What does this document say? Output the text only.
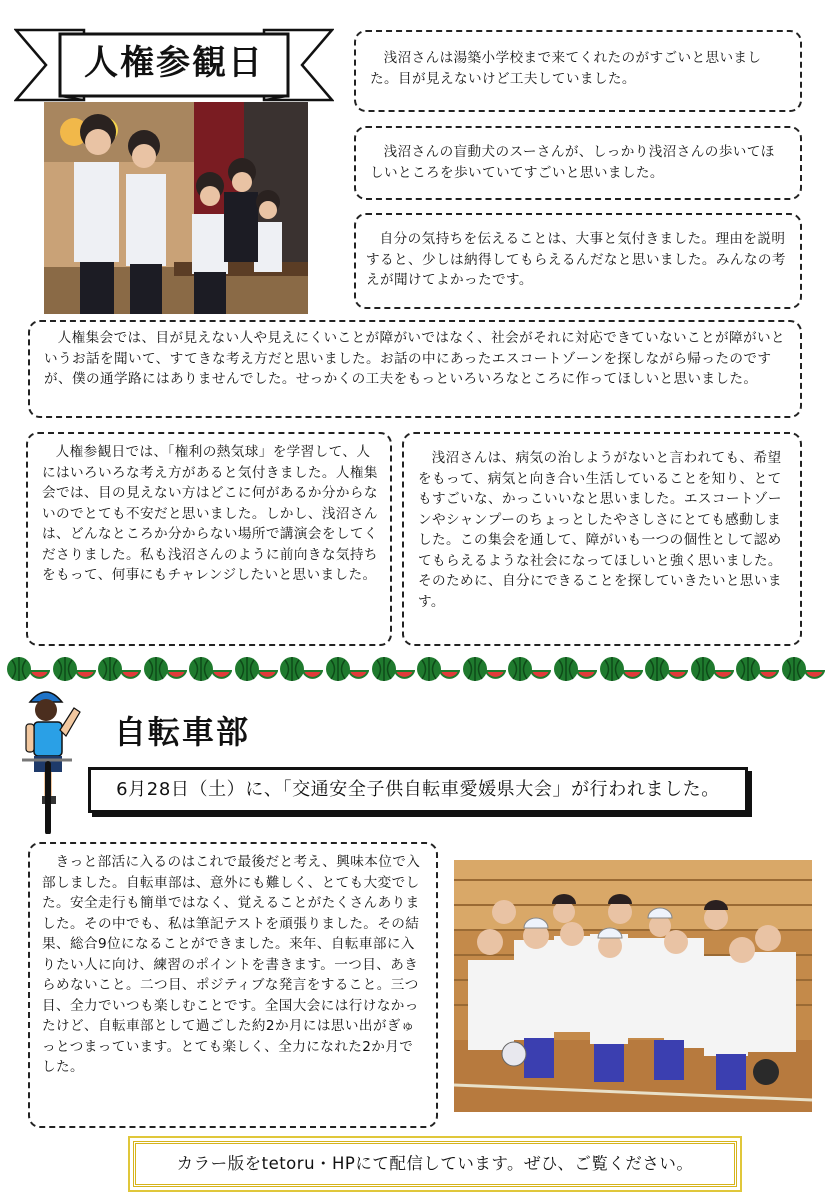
人権参観日	浅沼さんは湯築小学校まで来てくれたのがすごいと思いました。目が見えないけど工夫していました。

浅沼さんの盲動犬のスーさんが、しっかり浅沼さんの歩いてほしいところを歩いていてすごいと思いました。

自分の気持ちを伝えることは、大事と気付きました。理由を説明すると、少しは納得してもらえるんだなと思いました。みんなの考えが聞けてよかったです。

人権集会では、目が見えない人や見えにくいことが障がいではなく、社会がそれに対応できていないことが障がいというお話を聞いて、すてきな考え方だと思いました。お話の中にあったエスコートゾーンを探しながら帰ったのですが、僕の通学路にはありませんでした。せっかくの工夫をもっといろいろなところに作ってほしいと思いました。

人権参観日では、「権利の熱気球」を学習して、人にはいろいろな考え方があると気付きました。人権集会では、目の見えない方はどこに何があるか分からないのでとても不安だと思いました。しかし、浅沼さんは、どんなところか分からない場所で講演会をしてくださりました。私も浅沼さんのように前向きな気持ちをもって、何事にもチャレンジしたいと思いました。

浅沼さんは、病気の治しようがないと言われても、希望をもって、病気と向き合い生活していることを知り、とてもすごいな、かっこいいなと思いました。エスコートゾーンやシャンプーのちょっとしたやさしさにとても感動しました。この集会を通して、障がいも一つの個性として認めてもらえるような社会になってほしいと強く思いました。そのために、自分にできることを探していきたいと思います。

自転車部
6月28日（土）に、「交通安全子供自転車愛媛県大会」が行われました。

きっと部活に入るのはこれで最後だと考え、興味本位で入部しました。自転車部は、意外にも難しく、とても大変でした。安全走行も簡単ではなく、覚えることがたくさんありました。その中でも、私は筆記テストを頑張りました。その結果、総合9位になることができました。来年、自転車部に入りたい人に向け、練習のポイントを書きます。一つ目、あきらめないこと。二つ目、ポジティブな発言をすること。三つ目、全力でいつも楽しむことです。全国大会には行けなかったけど、自転車部として過ごした約2か月には思い出がぎゅっとつまっています。とても楽しく、全力になれた2か月でした。

カラー版をtetoru・HPにて配信しています。ぜひ、ご覧ください。
